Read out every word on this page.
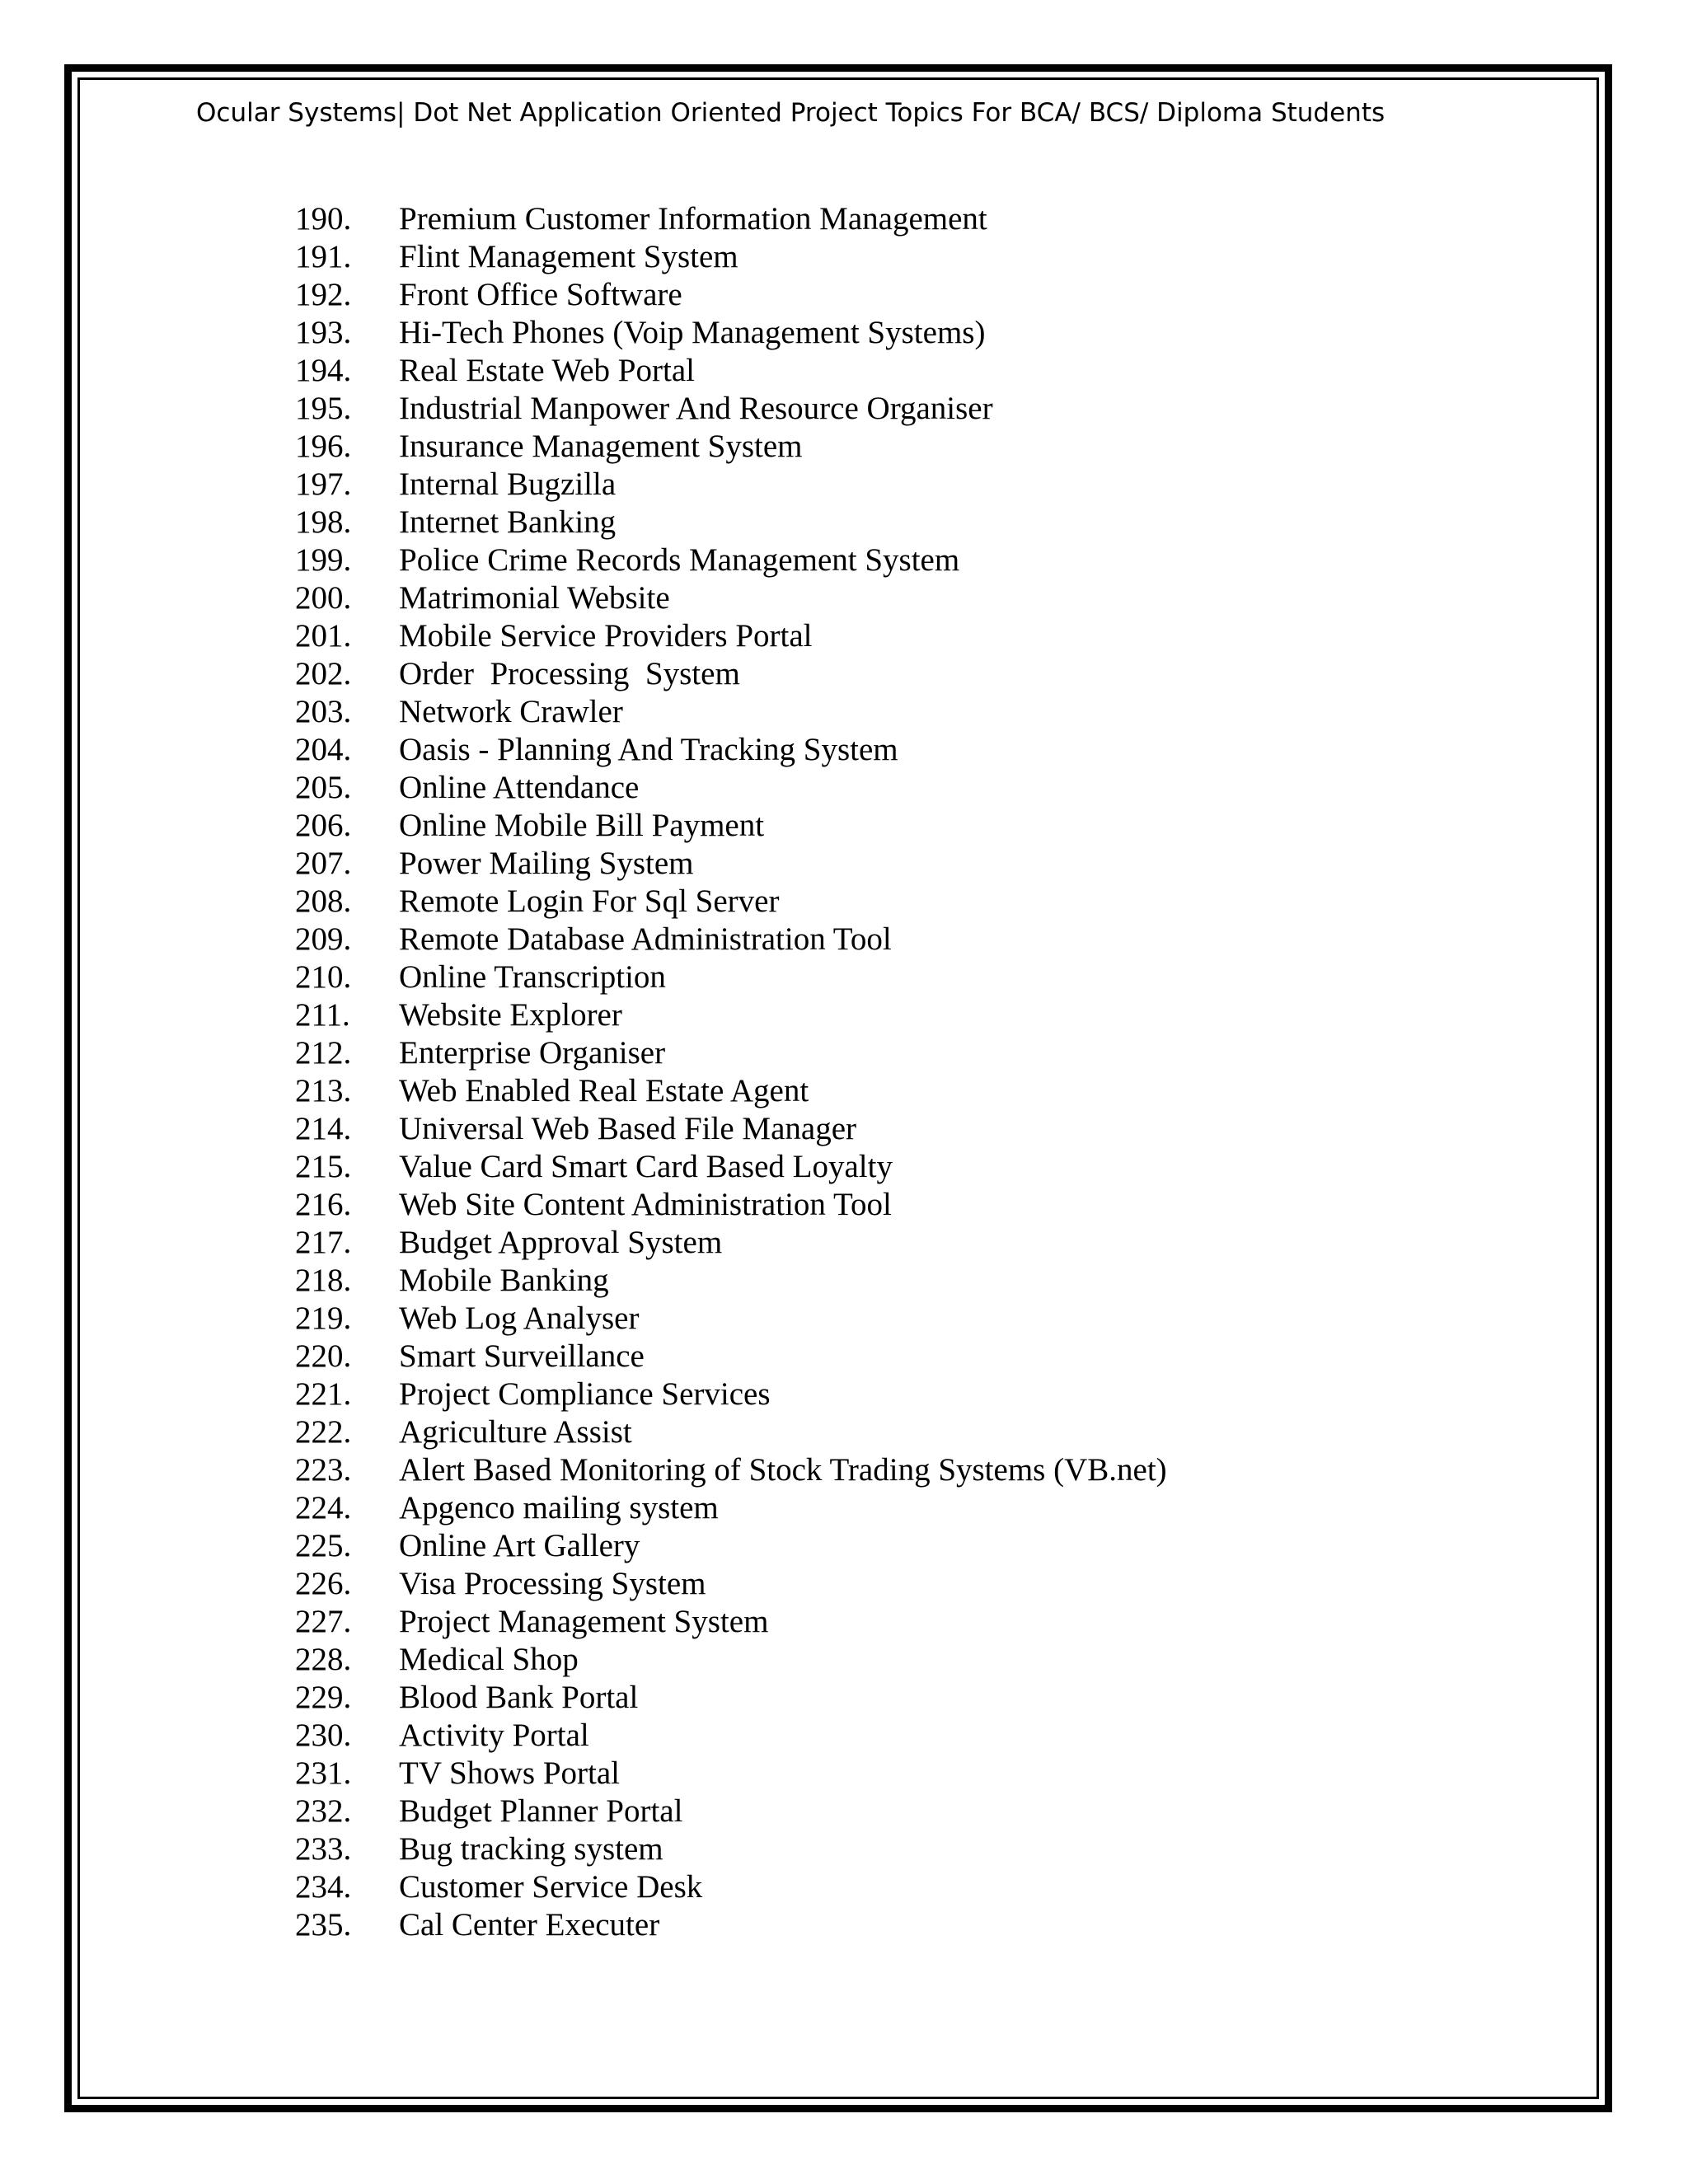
Ocular Systems| Dot Net Application Oriented Project Topics For BCA/ BCS/ Diploma Students
190. Premium Customer Information Management
191. Flint Management System
192. Front Office Software
193. Hi-Tech Phones (Voip Management Systems)
194. Real Estate Web Portal
195. Industrial Manpower And Resource Organiser
196. Insurance Management System
197. Internal Bugzilla
198. Internet Banking
199. Police Crime Records Management System
200. Matrimonial Website
201. Mobile Service Providers Portal
202. Order  Processing  System
203. Network Crawler
204. Oasis - Planning And Tracking System
205. Online Attendance
206. Online Mobile Bill Payment
207. Power Mailing System
208. Remote Login For Sql Server
209. Remote Database Administration Tool
210. Online Transcription
211. Website Explorer
212. Enterprise Organiser
213. Web Enabled Real Estate Agent
214. Universal Web Based File Manager
215. Value Card Smart Card Based Loyalty
216. Web Site Content Administration Tool
217. Budget Approval System
218. Mobile Banking
219. Web Log Analyser
220. Smart Surveillance
221. Project Compliance Services
222. Agriculture Assist
223. Alert Based Monitoring of Stock Trading Systems (VB.net)
224. Apgenco mailing system
225. Online Art Gallery
226. Visa Processing System
227. Project Management System
228. Medical Shop
229. Blood Bank Portal
230. Activity Portal
231. TV Shows Portal
232. Budget Planner Portal
233. Bug tracking system
234. Customer Service Desk
235. Cal Center Executer
